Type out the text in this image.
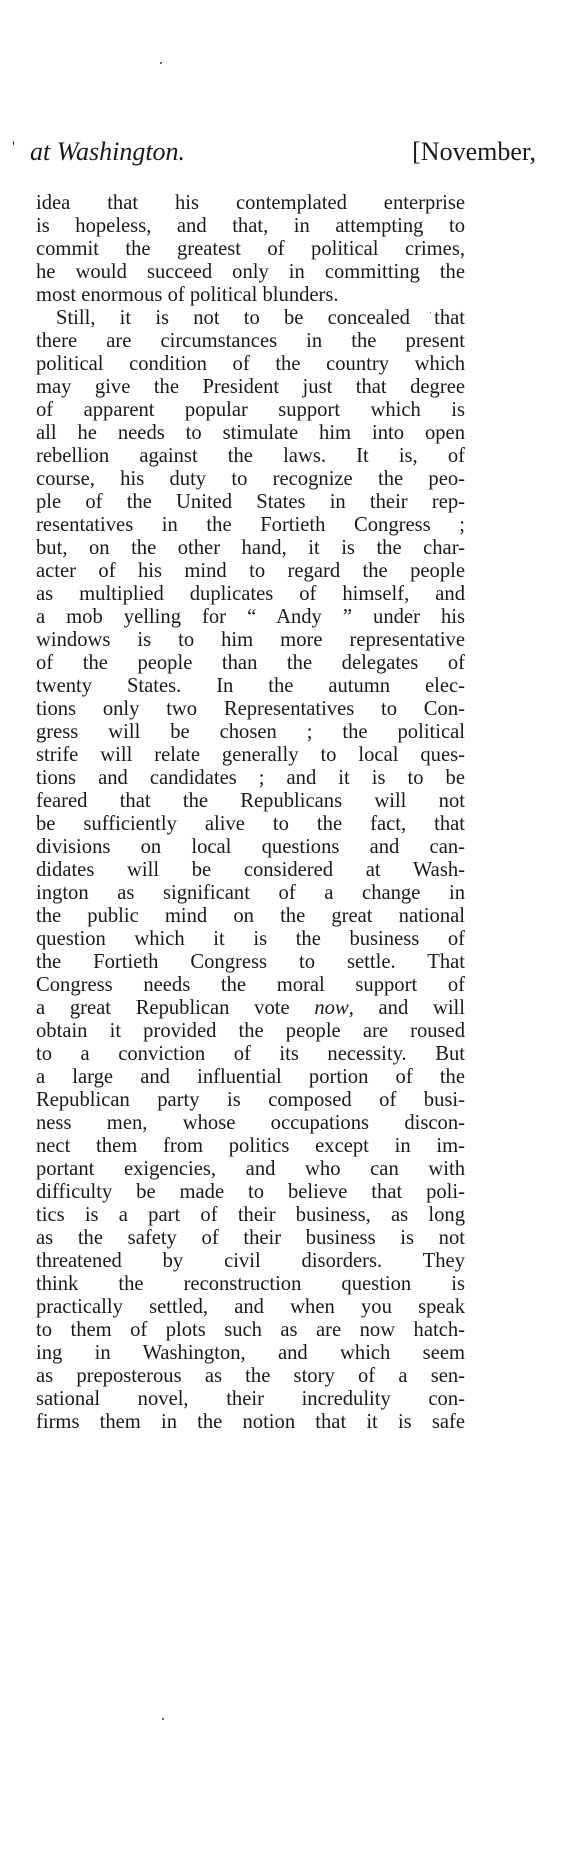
' at Washington.	[November,
idea that his contemplated enterprise
is hopeless, and that, in attempting to
commit the greatest of political crimes,
he would succeed only in committing the
most enormous of political blunders.
Still, it is not to be concealed that
there are circumstances in the present
political condition of the country which
may give the President just that degree
of apparent popular support which is
all he needs to stimulate him into open
rebellion against the laws. It is, of
course, his duty to recognize the peo-
ple of the United States in their rep-
resentatives in the Fortieth Congress ;
but, on the other hand, it is the char-
acter of his mind to regard the people
as multiplied duplicates of himself, and
a mob yelling for “ Andy ” under his
windows is to him more representative
of the people than the delegates of
twenty States. In the autumn elec-
tions only two Representatives to Con-
gress will be chosen ; the political
strife will relate generally to local ques-
tions and candidates ; and it is to be
feared that the Republicans will not
be sufficiently alive to the fact, that
divisions on local questions and can-
didates will be considered at Wash-
ington as significant of a change in
the public mind on the great national
question which it is the business of
the Fortieth Congress to settle. That
Congress needs the moral support of
a great Republican vote now, and will
obtain it provided the people are roused
to a conviction of its necessity. But
a large and influential portion of the
Republican party is composed of busi-
ness men, whose occupations discon-
nect them from politics except in im-
portant exigencies, and who can with
difficulty be made to believe that poli-
tics is a part of their business, as long
as the safety of their business is not
threatened by civil disorders. They
think the reconstruction question is
practically settled, and when you speak
to them of plots such as are now hatch-
ing in Washington, and which seem
as preposterous as the story of a sen-
sational novel, their incredulity con-
firms them in the notion that it is safe
